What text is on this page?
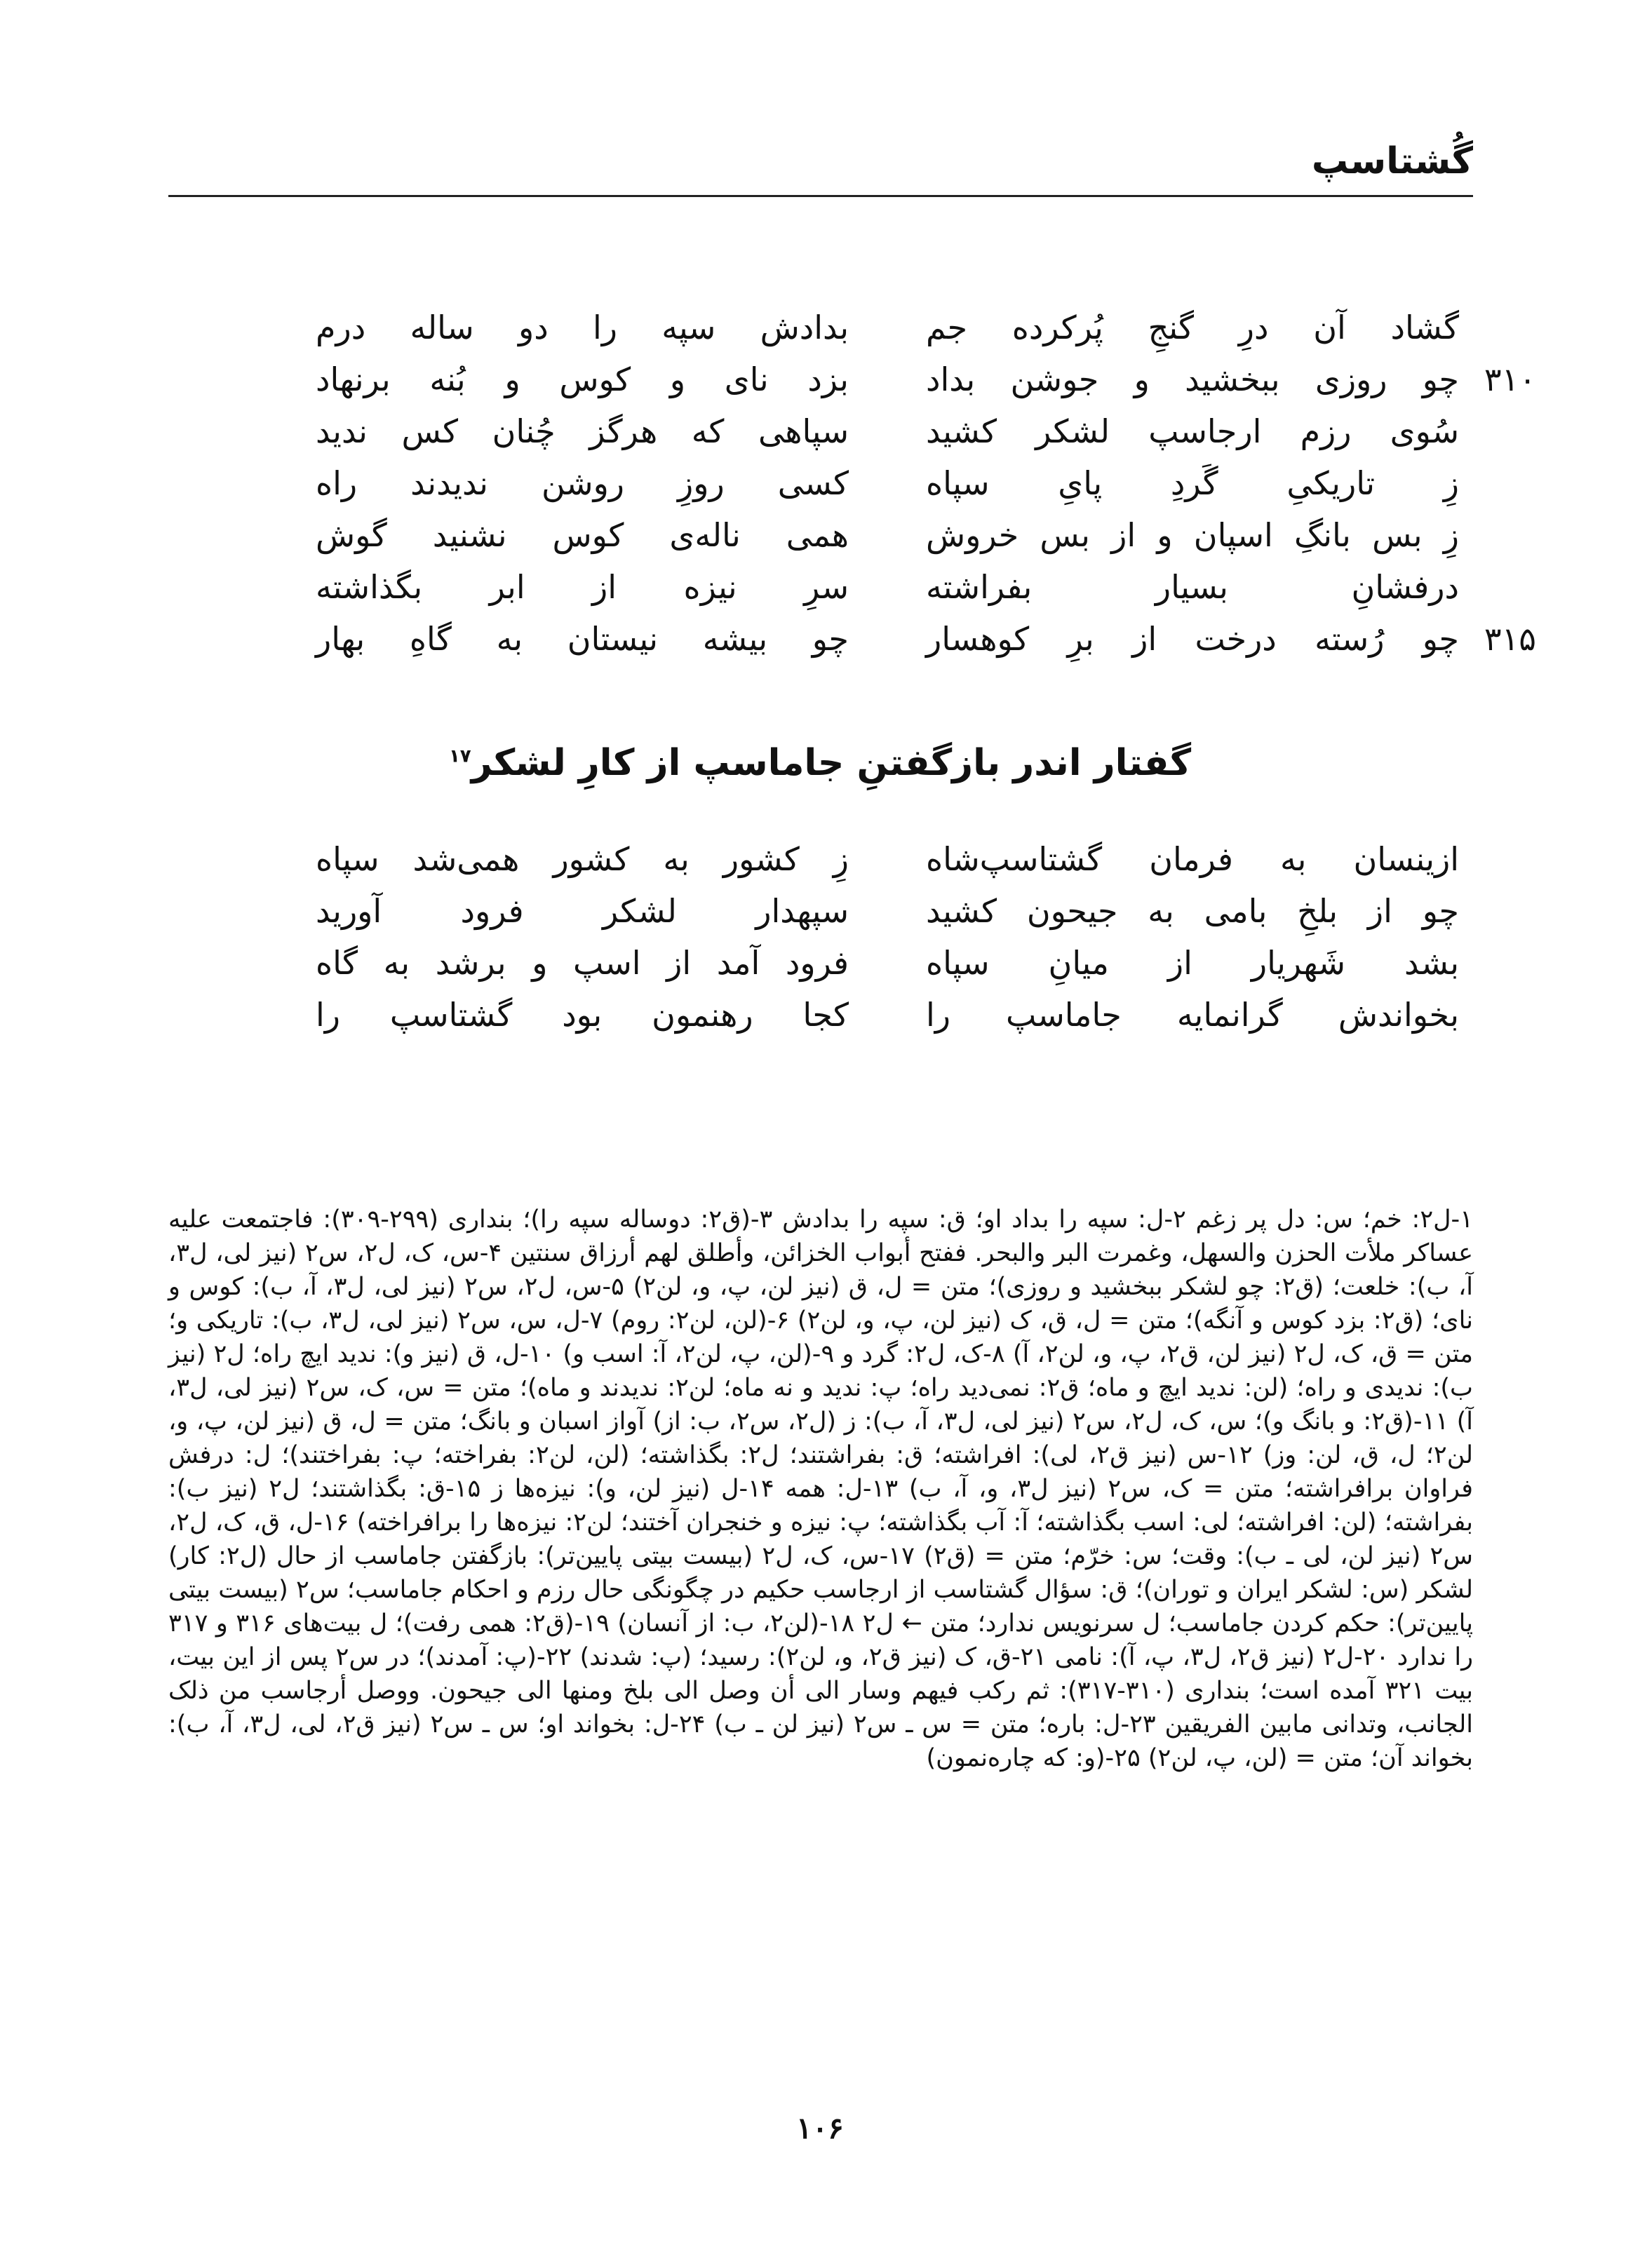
گُشتاسپ
گشاد آن درِ گنجِ پُرکرده جم
بدادش سپه را دو ساله درم
چو روزی ببخشید و جوشن بداد ۳۱۰
بزد نای و کوس و بُنه برنهاد
سُوی رزم ارجاسپ لشکر کشید
سپاهی که هرگز چُنان کس ندید
زِ تاریکیِ گَردِ پایِ سپاه
کسی روزِ روشن ندیدند راه
زِ بس بانگِ اسپان و از بس خروش
همی ناله‌ی کوس نشنید گوش
درفشانِ بسیار بفراشته
سرِ نیزه از ابر بگذاشته
چو رُسته درخت از برِ کوهسار ۳۱۵
چو بیشه نیستان به گاهِ بهار
گفتار اندر بازگفتنِ جاماسپ از کارِ لشکر$^{۱۷}$
ازینسان به فرمان گشتاسپ‌شاه
زِ کشور به کشور همی‌شد سپاه
چو از بلخِ بامی به جیحون کشید
سپهدار لشکر فرود آورید
بشد شَهریار از میانِ سپاه
فرود آمد از اسپ و برشد به گاه
بخواندش گرانمایه جاماسپ را
کجا رهنمون بود گشتاسپ را

۱-ل۲: خم؛ س: دل پر زغم ۲-ل: سپه را بداد او؛ ق: سپه را بدادش ۳-(ق۲: دوساله سپه را)؛ بنداری (۲۹۹-۳۰۹): فاجتمعت علیه عساکر ملأت الحزن والسهل، وغمرت البر والبحر. ففتح أبواب الخزائن، وأطلق لهم أرزاق سنتین ۴-س، ک، ل۲، س۲ (نیز لی، ل۳، آ، ب): خلعت؛ (ق۲: چو لشکر ببخشید و روزی)؛ متن = ل، ق (نیز لن، پ، و، لن۲) ۵-س، ل۲، س۲ (نیز لی، ل۳، آ، ب): کوس و نای؛ (ق۲: بزد کوس و آنگه)؛ متن = ل، ق، ک (نیز لن، پ، و، لن۲) ۶-(لن، لن۲: روم) ۷-ل، س، س۲ (نیز لی، ل۳، ب): تاریکی و؛ متن = ق، ک، ل۲ (نیز لن، ق۲، پ، و، لن۲، آ) ۸-ک، ل۲: گرد و ۹-(لن، پ، لن۲، آ: اسب و) ۱۰-ل، ق (نیز و): ندید ایچ راه؛ ل۲ (نیز ب): ندیدی و راه؛ (لن: ندید ایچ و ماه؛ ق۲: نمی‌دید راه؛ پ: ندید و نه ماه؛ لن۲: ندیدند و ماه)؛ متن = س، ک، س۲ (نیز لی، ل۳، آ) ۱۱-(ق۲: و بانگ و)؛ س، ک، ل۲، س۲ (نیز لی، ل۳، آ، ب): ز (ل۲، س۲، ب: از) آواز اسبان و بانگ؛ متن = ل، ق (نیز لن، پ، و، لن۲؛ ل، ق، لن: وز) ۱۲-س (نیز ق۲، لی): افراشته؛ ق: بفراشتند؛ ل۲: بگذاشته؛ (لن، لن۲: بفراخته؛ پ: بفراختند)؛ ل: درفش فراوان برافراشته؛ متن = ک، س۲ (نیز ل۳، و، آ، ب) ۱۳-ل: همه ۱۴-ل (نیز لن، و): نیزه‌ها ز ۱۵-ق: بگذاشتند؛ ل۲ (نیز ب): بفراشته؛ (لن: افراشته؛ لی: اسب بگذاشته؛ آ: آب بگذاشته؛ پ: نیزه و خنجران آختند؛ لن۲: نیزه‌ها را برافراخته) ۱۶-ل، ق، ک، ل۲، س۲ (نیز لن، لی ـ ب): وقت؛ س: خرّم؛ متن = (ق۲) ۱۷-س، ک، ل۲ (بیست بیتی پایین‌تر): بازگفتن جاماسب از حال (ل۲: کار) لشکر (س: لشکر ایران و توران)؛ ق: سؤال گشتاسب از ارجاسب حکیم در چگونگی حال رزم و احکام جاماسب؛ س۲ (بیست بیتی پایین‌تر): حکم کردن جاماسب؛ ل سرنویس ندارد؛ متن ← ل۲ ۱۸-(لن۲، ب: از آنسان) ۱۹-(ق۲: همی رفت)؛ ل بیت‌های ۳۱۶ و ۳۱۷ را ندارد ۲۰-ل۲ (نیز ق۲، ل۳، پ، آ): نامی ۲۱-ق، ک (نیز ق۲، و، لن۲): رسید؛ (پ: شدند) ۲۲-(پ: آمدند)؛ در س۲ پس از این بیت، بیت ۳۲۱ آمده است؛ بنداری (۳۱۰-۳۱۷): ثم رکب فیهم وسار الی أن وصل الی بلخ ومنها الی جیحون. ووصل أرجاسب من ذلک الجانب، وتدانی مابین الفریقین ۲۳-ل: باره؛ متن = س ـ س۲ (نیز لن ـ ب) ۲۴-ل: بخواند او؛ س ـ س۲ (نیز ق۲، لی، ل۳، آ، ب): بخواند آن؛ متن = (لن، پ، لن۲) ۲۵-(و: که چاره‌نمون)

۱۰۶
